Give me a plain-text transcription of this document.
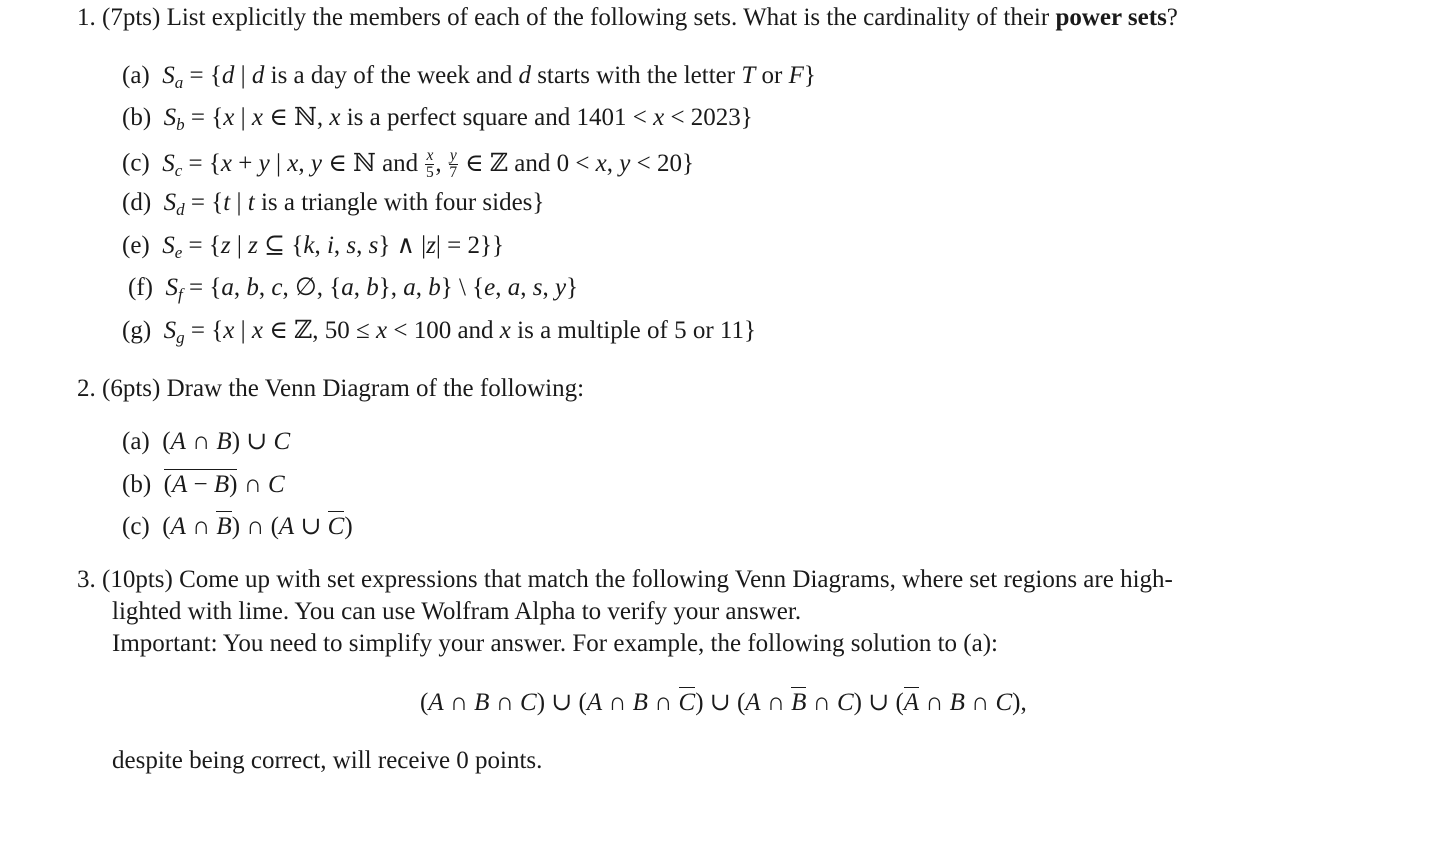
1. (7pts) List explicitly the members of each of the following sets. What is the cardinality of their power sets?
(a) $S_a = \{d$ | d is a day of the week and d starts with the letter T or F}
(b) $S_b = \{x$ | x ∈ ℕ, x is a perfect square and 1401 < x < 2023}
(c) $S_c = \{x + y$ | x, y ∈ ℕ and $\frac{x}{5}$ , $\frac{y}{7}$ ∈ ℤ and 0 < x, y < 20}
(d) $S_d = \{t$ | t is a triangle with four sides}
(e) $S_e = \{z$ | z ⊆ {k, i, s, s} ∧ |z| = 2}}
(f) $S_f = \{a$, b, c, ∅, {a, b}, a, b} \ {e, a, s, y}
(g) $S_g = \{x$ | x ∈ ℤ, 50 ≤ x < 100 and x is a multiple of 5 or 11}
2. (6pts) Draw the Venn Diagram of the following:
(a)  (A ∩ B) ∪ C
(b) (A − B) ∩ C
(c)  (A ∩ B) ∩ (A ∪ C)
3. (10pts) Come up with set expressions that match the following Venn Diagrams, where set regions are high-
lighted with lime. You can use Wolfram Alpha to verify your answer.
Important: You need to simplify your answer. For example, the following solution to (a):
(A ∩ B ∩ C) ∪ (A ∩ B ∩ C) ∪ (A ∩ B ∩ C) ∪ (A ∩ B ∩ C),
despite being correct, will receive 0 points.
